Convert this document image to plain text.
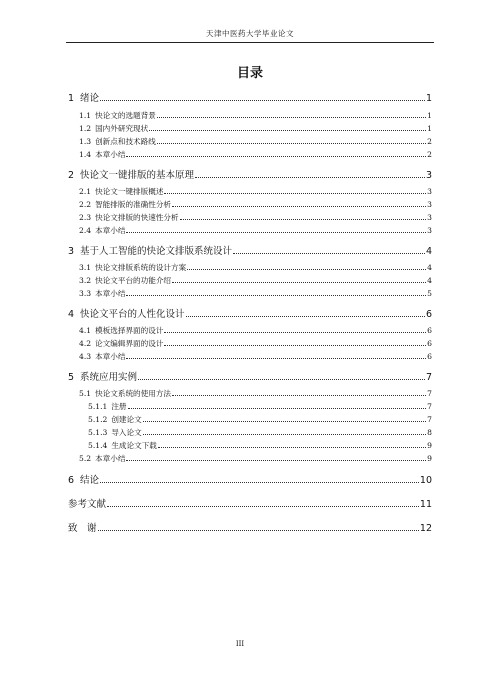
天津中医药大学毕业论文
目录
1 绪论	1
1.1 快论文的选题背景	1
1.2 国内外研究现状	1
1.3 创新点和技术路线	2
1.4 本章小结	2
2 快论文一键排版的基本原理	3
2.1 快论文一键排版概述	3
2.2 智能排版的准确性分析	3
2.3 快论文排版的快速性分析	3
2.4 本章小结	3
3 基于人工智能的快论文排版系统设计	4
3.1 快论文排版系统的设计方案	4
3.2 快论文平台的功能介绍	4
3.3 本章小结	5
4 快论文平台的人性化设计	6
4.1 模板选择界面的设计	6
4.2 论文编辑界面的设计	6
4.3 本章小结	6
5 系统应用实例	7
5.1 快论文系统的使用方法	7
5.1.1 注册	7
5.1.2 创建论文	7
5.1.3 导入论文	8
5.1.4 生成论文下载	9
5.2 本章小结	9
6 结论	10
参考文献	11
致　谢	12
III
